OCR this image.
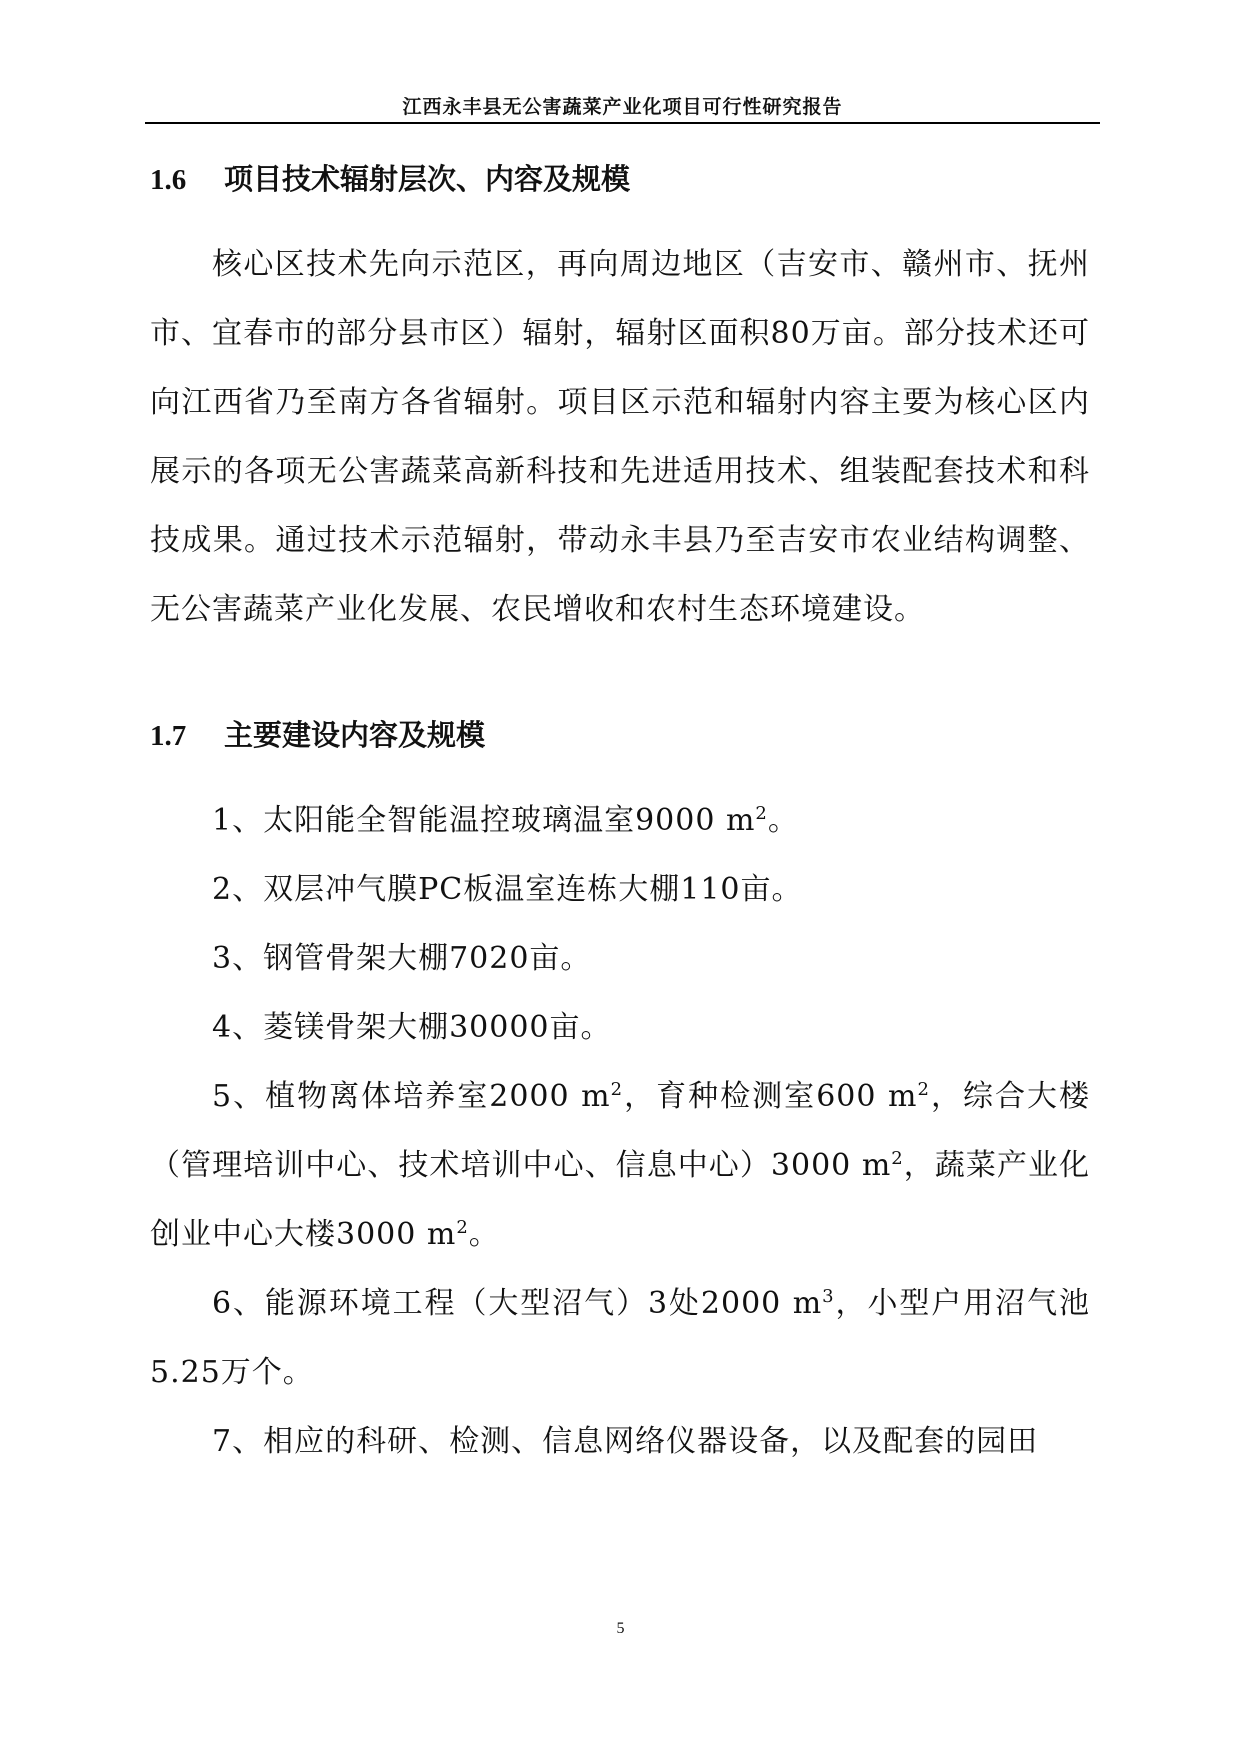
江西永丰县无公害蔬菜产业化项目可行性研究报告
1.6 项目技术辐射层次、内容及规模

核心区技术先向示范区，再向周边地区（吉安市、赣州市、抚州市、宜春市的部分县市区）辐射，辐射区面积80万亩。部分技术还可向江西省乃至南方各省辐射。项目区示范和辐射内容主要为核心区内展示的各项无公害蔬菜高新科技和先进适用技术、组装配套技术和科技成果。通过技术示范辐射，带动永丰县乃至吉安市农业结构调整、无公害蔬菜产业化发展、农民增收和农村生态环境建设。

1.7 主要建设内容及规模

1、太阳能全智能温控玻璃温室9000 $m^2$。

2、双层冲气膜PC板温室连栋大棚110亩。

3、钢管骨架大棚7020亩。

4、菱镁骨架大棚30000亩。

5、植物离体培养室2000 $m^2$，育种检测室600 $m^2$，综合大楼（管理培训中心、技术培训中心、信息中心）3000 $m^2$，蔬菜产业化创业中心大楼3000 $m^2$。

6、能源环境工程（大型沼气）3处2000 $m^3$，小型户用沼气池5.25万个。

7、相应的科研、检测、信息网络仪器设备，以及配套的园田

5
